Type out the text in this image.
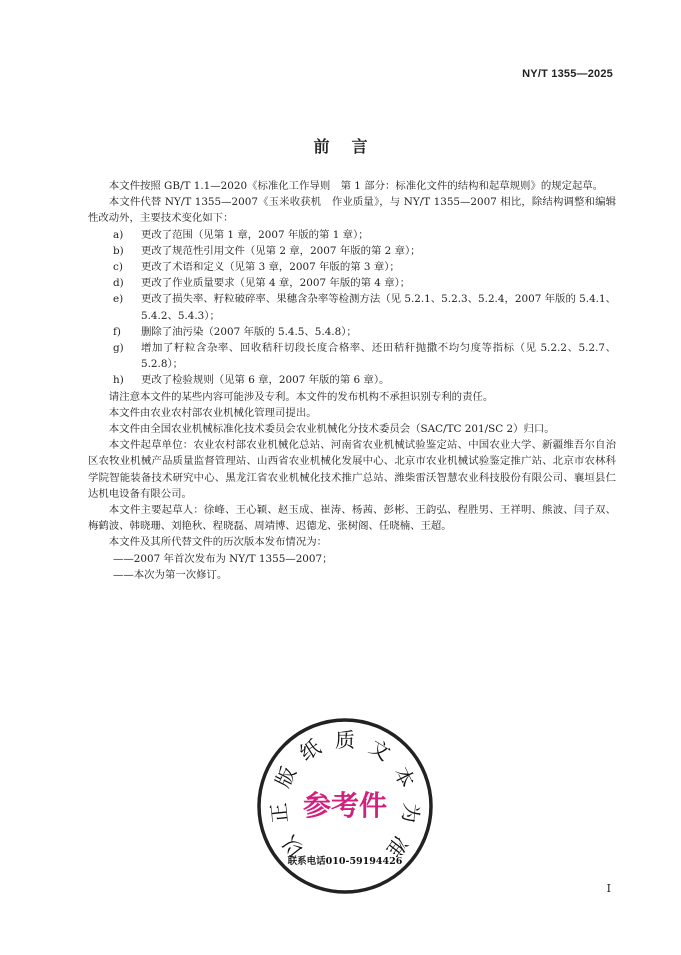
NY/T 1355—2025
前言

本文件按照 GB/T 1.1—2020《标准化工作导则　第 1 部分：标准化文件的结构和起草规则》的规定起草。

本文件代替 NY/T 1355—2007《玉米收获机　作业质量》，与 NY/T 1355—2007 相比，除结构调整和编辑性改动外，主要技术变化如下：

a)	更改了范围（见第 1 章，2007 年版的第 1 章）；
b)	更改了规范性引用文件（见第 2 章，2007 年版的第 2 章）；
c)	更改了术语和定义（见第 3 章，2007 年版的第 3 章）；
d)	更改了作业质量要求（见第 4 章，2007 年版的第 4 章）；
e)	更改了损失率、籽粒破碎率、果穗含杂率等检测方法（见 5.2.1、5.2.3、5.2.4，2007 年版的 5.4.1、5.4.2、5.4.3）；
f)	删除了油污染（2007 年版的 5.4.5、5.4.8）；
g)	增加了籽粒含杂率、回收秸秆切段长度合格率、还田秸秆抛撒不均匀度等指标（见 5.2.2、5.2.7、5.2.8）；
h)	更改了检验规则（见第 6 章，2007 年版的第 6 章）。

请注意本文件的某些内容可能涉及专利。本文件的发布机构不承担识别专利的责任。

本文件由农业农村部农业机械化管理司提出。

本文件由全国农业机械标准化技术委员会农业机械化分技术委员会（SAC/TC 201/SC 2）归口。

本文件起草单位：农业农村部农业机械化总站、河南省农业机械试验鉴定站、中国农业大学、新疆维吾尔自治区农牧业机械产品质量监督管理站、山西省农业机械化发展中心、北京市农业机械试验鉴定推广站、北京市农林科学院智能装备技术研究中心、黑龙江省农业机械化技术推广总站、潍柴雷沃智慧农业科技股份有限公司、襄垣县仁达机电设备有限公司。

本文件主要起草人：徐峰、王心颖、赵玉成、崔涛、杨茜、彭彬、王韵弘、程胜男、王祥明、熊波、闫子双、梅鹤波、韩晓珊、刘艳秋、程晓磊、周靖博、迟德龙、张树阁、任晓楠、王超。

本文件及其所代替文件的历次版本发布情况为：

——2007 年首次发布为 NY/T 1355—2007；

——本次为第一次修订。

以
正
版
纸 质 文
本
为
准
参考件
联系电话010-59194426
I
